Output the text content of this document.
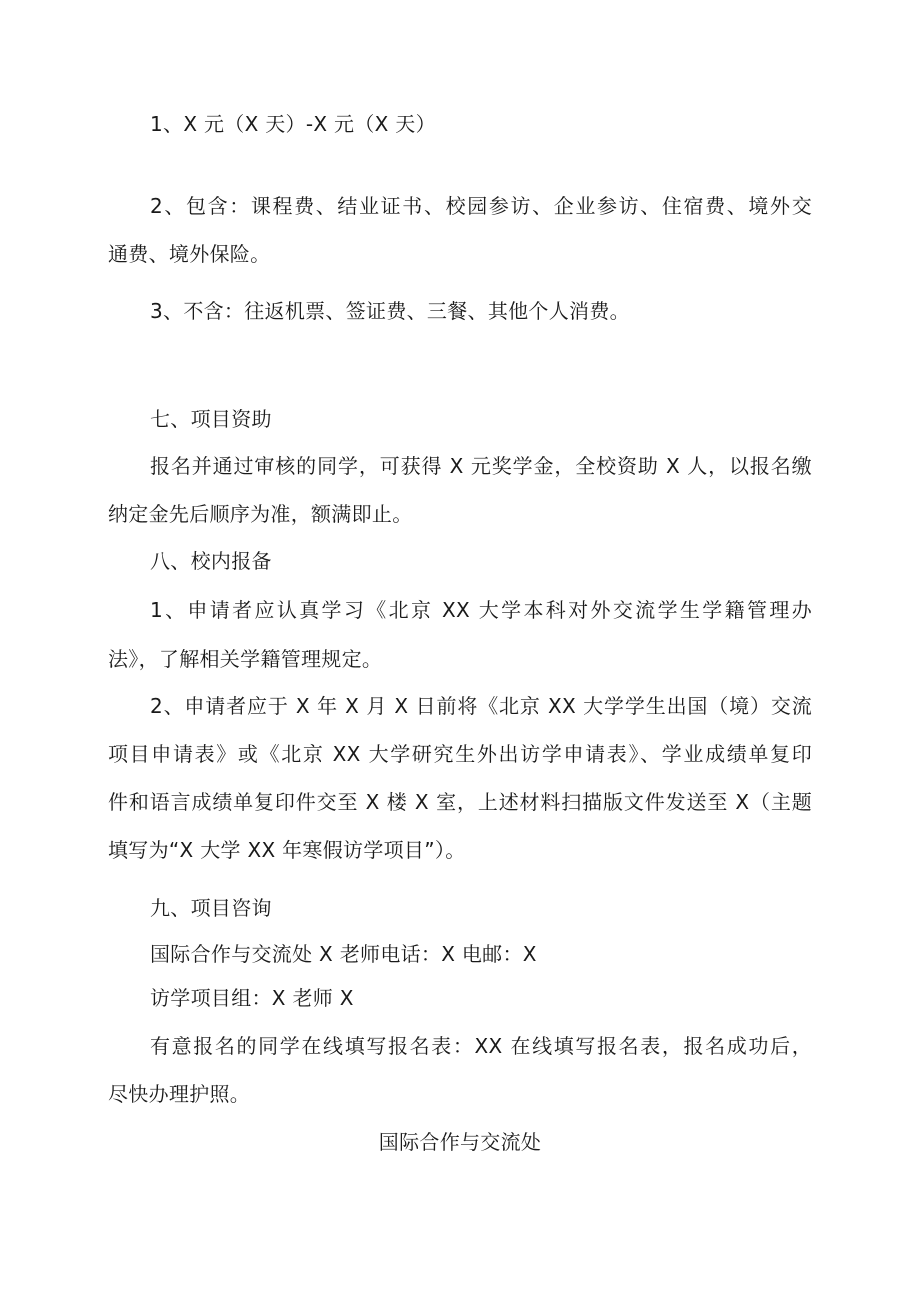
1、X 元（X 天）-X 元（X 天）
2、包含：课程费、结业证书、校园参访、企业参访、住宿费、境外交
通费、境外保险。
3、不含：往返机票、签证费、三餐、其他个人消费。
七、项目资助
报名并通过审核的同学，可获得 X 元奖学金，全校资助 X 人，以报名缴
纳定金先后顺序为准，额满即止。
八、校内报备
1、申请者应认真学习《北京 XX 大学本科对外交流学生学籍管理办
法》，了解相关学籍管理规定。
2、申请者应于 X 年 X 月 X 日前将《北京 XX 大学学生出国（境）交流
项目申请表》或《北京 XX 大学研究生外出访学申请表》、学业成绩单复印
件和语言成绩单复印件交至 X 楼 X 室，上述材料扫描版文件发送至 X（主题
填写为“X 大学 XX 年寒假访学项目”）。
九、项目咨询
国际合作与交流处 X 老师电话：X 电邮：X
访学项目组：X 老师 X
有意报名的同学在线填写报名表：XX 在线填写报名表，报名成功后，
尽快办理护照。
国际合作与交流处
